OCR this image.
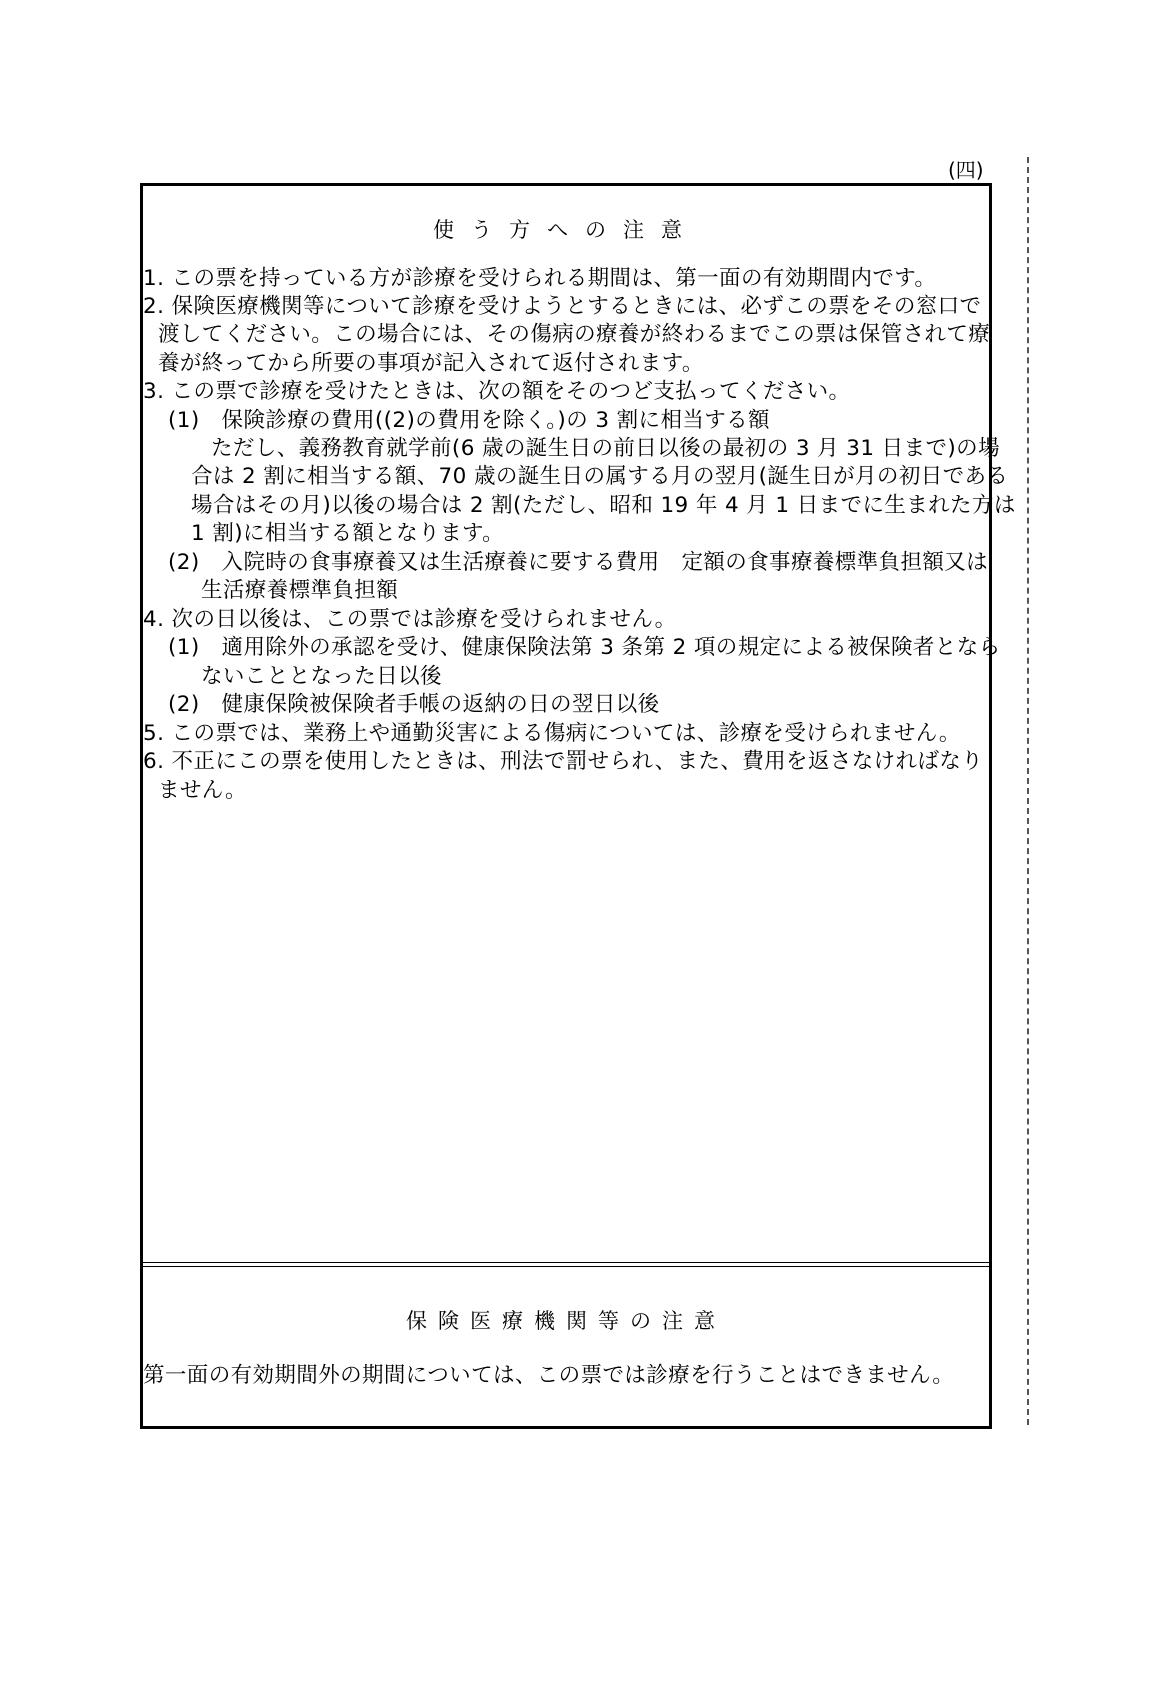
(四)
使う方への注意
1. この票を持っている方が診療を受けられる期間は、第一面の有効期間内です。
2. 保険医療機関等について診療を受けようとするときには、必ずこの票をその窓口で
渡してください。この場合には、その傷病の療養が終わるまでこの票は保管されて療
養が終ってから所要の事項が記入されて返付されます。
3. この票で診療を受けたときは、次の額をそのつど支払ってください。
(1)　保険診療の費用((2)の費用を除く。)の 3 割に相当する額
ただし、義務教育就学前(6 歳の誕生日の前日以後の最初の 3 月 31 日まで)の場
合は 2 割に相当する額、70 歳の誕生日の属する月の翌月(誕生日が月の初日である
場合はその月)以後の場合は 2 割(ただし、昭和 19 年 4 月 1 日までに生まれた方は
1 割)に相当する額となります。
(2)　入院時の食事療養又は生活療養に要する費用　定額の食事療養標準負担額又は
生活療養標準負担額
4. 次の日以後は、この票では診療を受けられません。
(1)　適用除外の承認を受け、健康保険法第 3 条第 2 項の規定による被保険者となら
ないこととなった日以後
(2)　健康保険被保険者手帳の返納の日の翌日以後
5. この票では、業務上や通勤災害による傷病については、診療を受けられません。
6. 不正にこの票を使用したときは、刑法で罰せられ、また、費用を返さなければなり
ません。
保険医療機関等の注意
第一面の有効期間外の期間については、この票では診療を行うことはできません。
